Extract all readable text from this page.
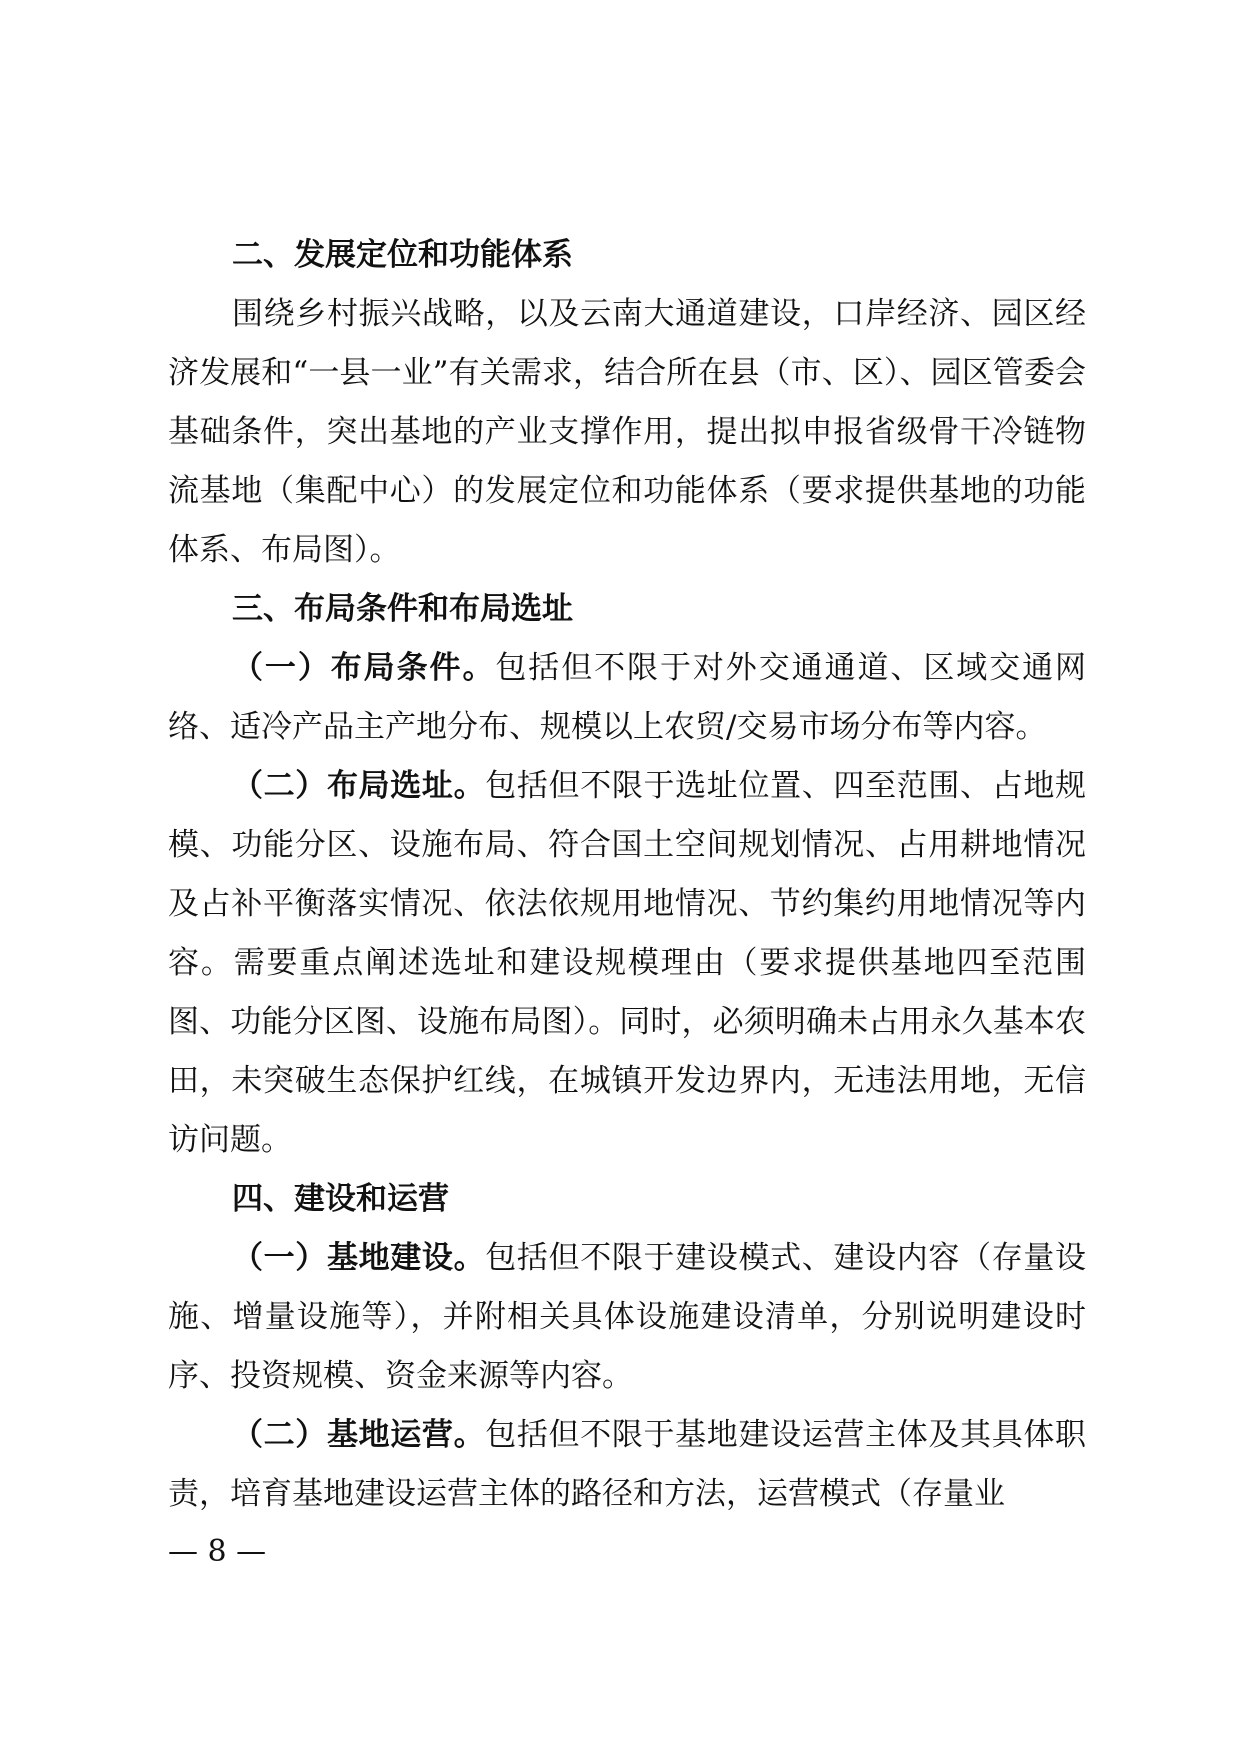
二、发展定位和功能体系
围绕乡村振兴战略，以及云南大通道建设，口岸经济、园区经济发展和“一县一业”有关需求，结合所在县（市、区）、园区管委会基础条件，突出基地的产业支撑作用，提出拟申报省级骨干冷链物流基地（集配中心）的发展定位和功能体系（要求提供基地的功能体系、布局图）。
三、布局条件和布局选址
（一）布局条件。包括但不限于对外交通通道、区域交通网络、适冷产品主产地分布、规模以上农贸/交易市场分布等内容。
（二）布局选址。包括但不限于选址位置、四至范围、占地规模、功能分区、设施布局、符合国土空间规划情况、占用耕地情况及占补平衡落实情况、依法依规用地情况、节约集约用地情况等内容。需要重点阐述选址和建设规模理由（要求提供基地四至范围图、功能分区图、设施布局图）。同时，必须明确未占用永久基本农田，未突破生态保护红线，在城镇开发边界内，无违法用地，无信访问题。
四、建设和运营
（一）基地建设。包括但不限于建设模式、建设内容（存量设施、增量设施等），并附相关具体设施建设清单，分别说明建设时序、投资规模、资金来源等内容。
（二）基地运营。包括但不限于基地建设运营主体及其具体职责，培育基地建设运营主体的路径和方法，运营模式（存量业
— 8 —
